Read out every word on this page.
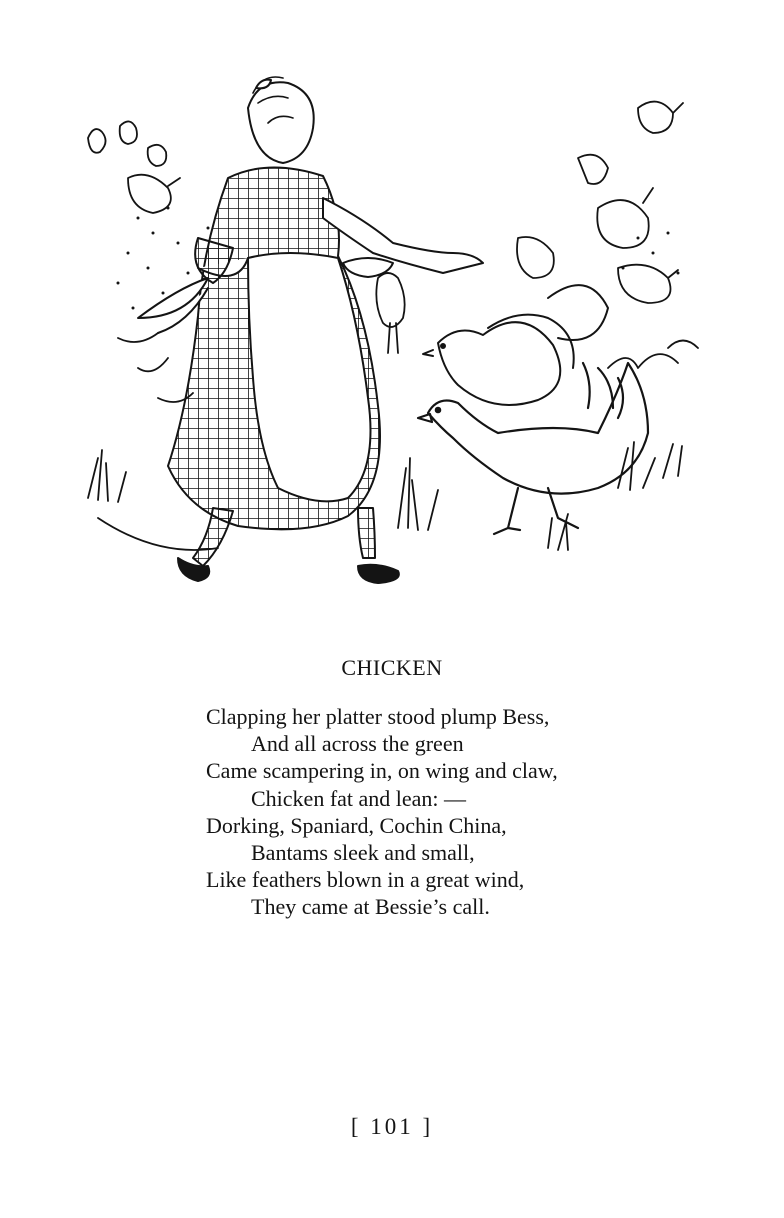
CHICKEN
Clapping her platter stood plump Bess,
And all across the green
Came scampering in, on wing and claw,
Chicken fat and lean: —
Dorking, Spaniard, Cochin China,
Bantams sleek and small,
Like feathers blown in a great wind,
They came at Bessie’s call.
[ 101 ]
